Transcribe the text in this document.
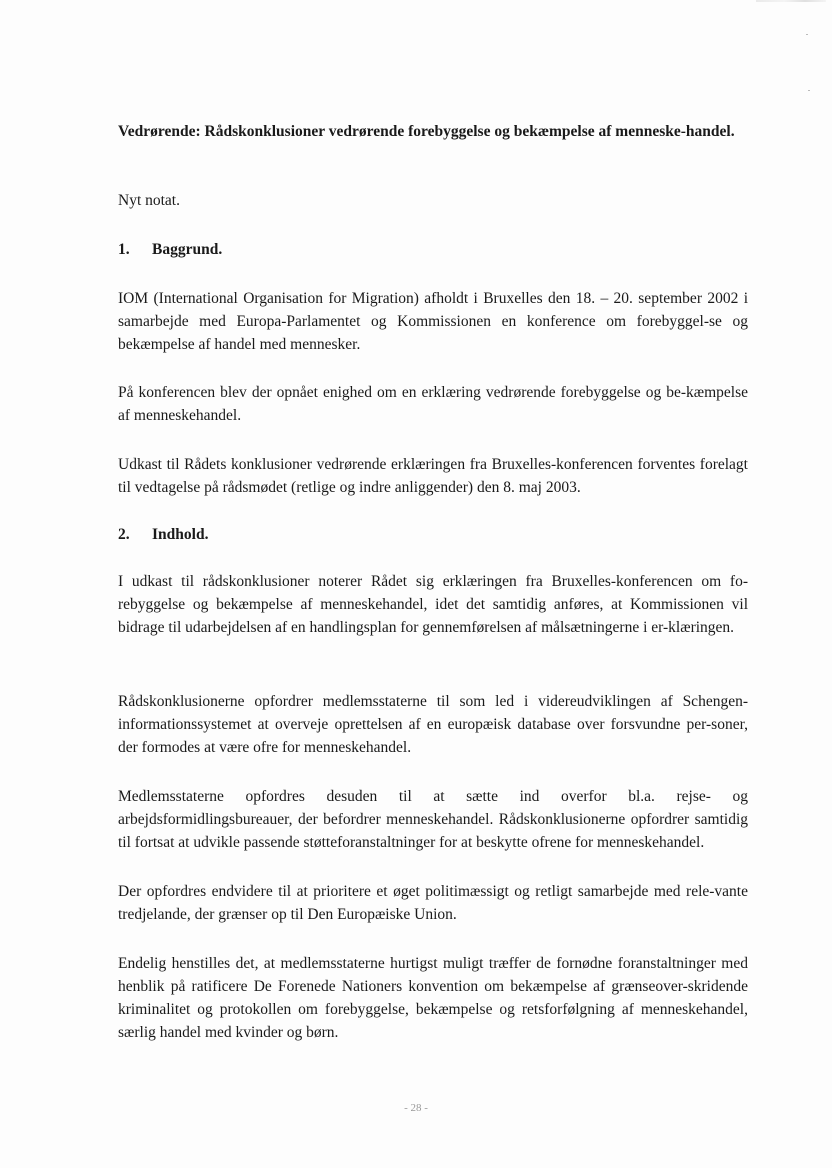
Vedrørende: Rådskonklusioner vedrørende forebyggelse og bekæmpelse af menneske-handel.
Nyt notat.
1. Baggrund.
IOM (International Organisation for Migration) afholdt i Bruxelles den 18. – 20. september 2002 i samarbejde med Europa-Parlamentet og Kommissionen en konference om forebyggel-se og bekæmpelse af handel med mennesker.
På konferencen blev der opnået enighed om en erklæring vedrørende forebyggelse og be-kæmpelse af menneskehandel.
Udkast til Rådets konklusioner vedrørende erklæringen fra Bruxelles-konferencen forventes forelagt til vedtagelse på rådsmødet (retlige og indre anliggender) den 8. maj 2003.
2. Indhold.
I udkast til rådskonklusioner noterer Rådet sig erklæringen fra Bruxelles-konferencen om fo-rebyggelse og bekæmpelse af menneskehandel, idet det samtidig anføres, at Kommissionen vil bidrage til udarbejdelsen af en handlingsplan for gennemførelsen af målsætningerne i er-klæringen.
Rådskonklusionerne opfordrer medlemsstaterne til som led i videreudviklingen af Schengen-informationssystemet at overveje oprettelsen af en europæisk database over forsvundne per-soner, der formodes at være ofre for menneskehandel.
Medlemsstaterne opfordres desuden til at sætte ind overfor bl.a. rejse- og arbejdsformidlingsbureauer, der befordrer menneskehandel. Rådskonklusionerne opfordrer samtidig til fortsat at udvikle passende støtteforanstaltninger for at beskytte ofrene for menneskehandel.
Der opfordres endvidere til at prioritere et øget politimæssigt og retligt samarbejde med rele-vante tredjelande, der grænser op til Den Europæiske Union.
Endelig henstilles det, at medlemsstaterne hurtigst muligt træffer de fornødne foranstaltninger med henblik på ratificere De Forenede Nationers konvention om bekæmpelse af grænseover-skridende kriminalitet og protokollen om forebyggelse, bekæmpelse og retsforfølgning af menneskehandel, særlig handel med kvinder og børn.
- 28 -
